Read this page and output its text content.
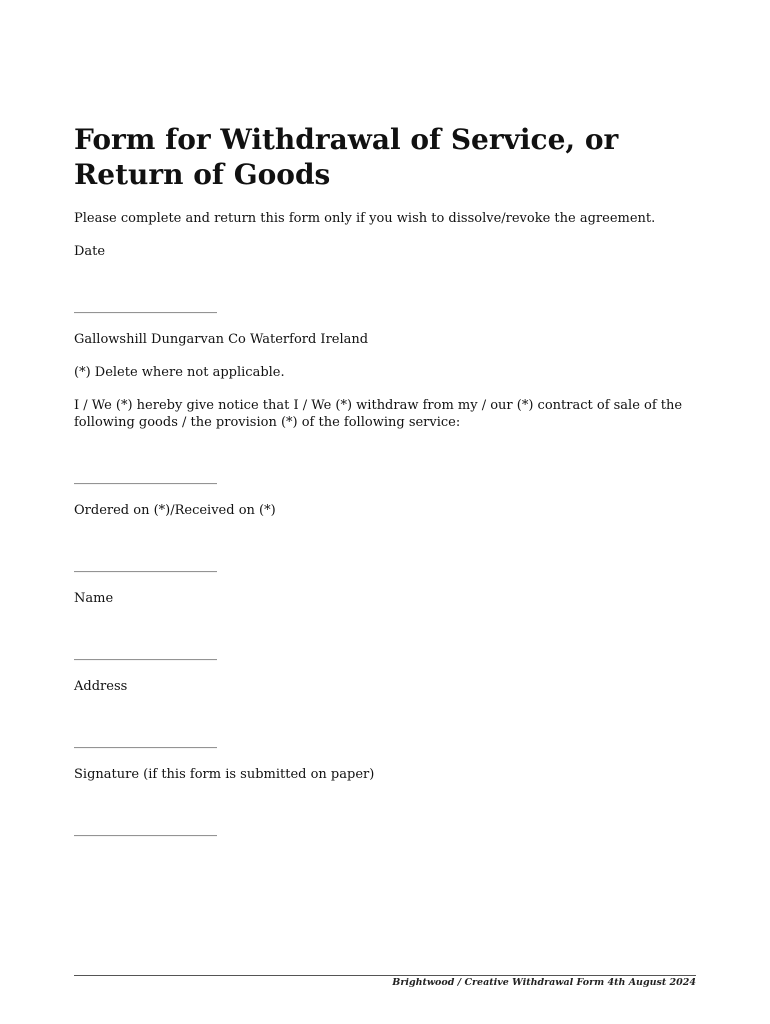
Form for Withdrawal of Service, or Return of Goods

Please complete and return this form only if you wish to dissolve/revoke the agreement.

Date

______________________

Gallowshill Dungarvan Co Waterford Ireland

(*) Delete where not applicable.

I / We (*) hereby give notice that I / We (*) withdraw from my / our (*) contract of sale of the following goods / the provision (*) of the following service:

______________________

Ordered on (*)/Received on (*)

______________________

Name

______________________

Address

______________________

Signature (if this form is submitted on paper)

______________________

Brightwood / Creative Withdrawal Form 4th August 2024
